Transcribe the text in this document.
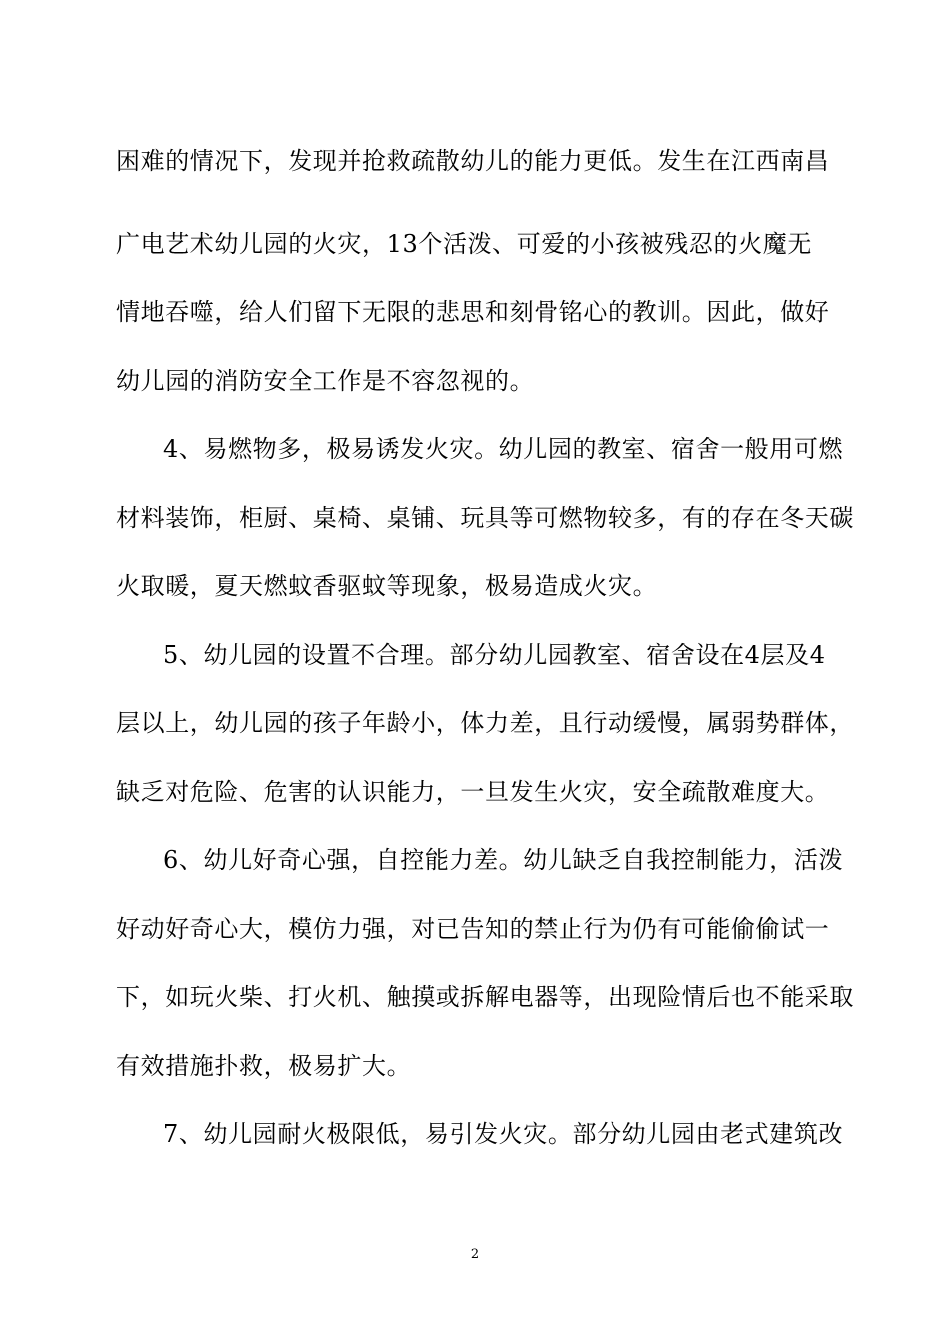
困难的情况下，发现并抢救疏散幼儿的能力更低。发生在江西南昌
广电艺术幼儿园的火灾，13个活泼、可爱的小孩被残忍的火魔无
情地吞噬，给人们留下无限的悲思和刻骨铭心的教训。因此，做好
幼儿园的消防安全工作是不容忽视的。
4、易燃物多，极易诱发火灾。幼儿园的教室、宿舍一般用可燃
材料装饰，柜厨、桌椅、桌铺、玩具等可燃物较多，有的存在冬天碳
火取暖，夏天燃蚊香驱蚊等现象，极易造成火灾。
5、幼儿园的设置不合理。部分幼儿园教室、宿舍设在4层及4
层以上，幼儿园的孩子年龄小，体力差，且行动缓慢，属弱势群体，
缺乏对危险、危害的认识能力，一旦发生火灾，安全疏散难度大。
6、幼儿好奇心强，自控能力差。幼儿缺乏自我控制能力，活泼
好动好奇心大，模仿力强，对已告知的禁止行为仍有可能偷偷试一
下，如玩火柴、打火机、触摸或拆解电器等，出现险情后也不能采取
有效措施扑救，极易扩大。
7、幼儿园耐火极限低，易引发火灾。部分幼儿园由老式建筑改
2
